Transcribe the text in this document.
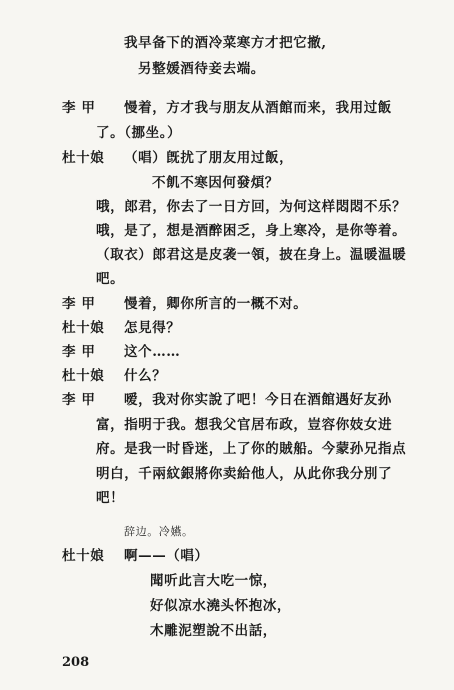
我早备下的酒冷菜寒方才把它撤,
另整媛酒待妾去端。
李 甲 慢着，方才我与朋友从酒館而来，我用过飯
了。（挪坐。）
杜十娘 （唱）旣扰了朋友用过飯，
不飢不寒因何發煩？
哦，郎君，你去了一日方回，为何这样悶悶不乐？
哦，是了，想是酒醉困乏，身上寒冷，是你等着。
（取衣）郎君这是皮袭一領，披在身上。温暖温暖
吧。
李 甲 慢着，卿你所言的一概不对。
杜十娘 怎見得？
李 甲 这个……
杜十娘 什么？
李 甲 嗳，我对你实說了吧！今日在酒館遇好友孙
富，指明于我。想我父官居布政，豈容你妓女进
府。是我一时昏迷，上了你的賊船。今蒙孙兄指点
明白，千兩紋銀將你卖給他人，从此你我分別了
吧！
辞边。冷嬿。
杜十娘 啊——（唱）
聞听此言大吃一惊，
好似凉水澆头怀抱冰，
木雕泥塑說不出話，
208
